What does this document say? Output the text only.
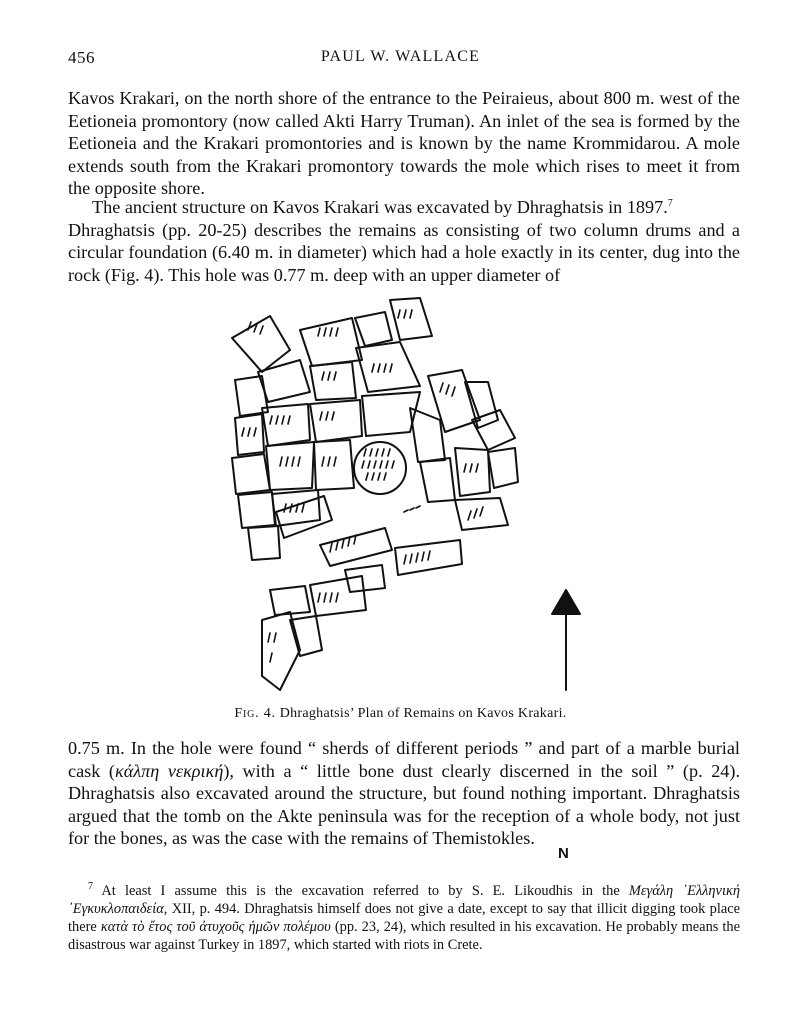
456	PAUL W. WALLACE

Kavos Krakari, on the north shore of the entrance to the Peiraieus, about 800 m. west of the Eetioneia promontory (now called Akti Harry Truman). An inlet of the sea is formed by the Eetioneia and the Krakari promontories and is known by the name Krommidarou. A mole extends south from the Krakari promontory towards the mole which rises to meet it from the opposite shore.

The ancient structure on Kavos Krakari was excavated by Dhraghatsis in 1897.$^7$

Dhraghatsis (pp. 20-25) describes the remains as consisting of two column drums and a circular foundation (6.40 m. in diameter) which had a hole exactly in its center, dug into the rock (Fig. 4). This hole was 0.77 m. deep with an upper diameter of

N
Fig. 4. Dhraghatsis’ Plan of Remains on Kavos Krakari.

0.75 m. In the hole were found “ sherds of different periods ” and part of a marble burial cask (κάλπη νεκρική), with a “ little bone dust clearly discerned in the soil ” (p. 24). Dhraghatsis also excavated around the structure, but found nothing important. Dhraghatsis argued that the tomb on the Akte peninsula was for the reception of a whole body, not just for the bones, as was the case with the remains of Themistokles.

$^7$ At least I assume this is the excavation referred to by S. E. Likoudhis in the Μεγάλη ᾿Ελληνική ᾿Εγκυκλοπαιδεία, XII, p. 494. Dhraghatsis himself does not give a date, except to say that illicit digging took place there κατὰ τὸ ἔτος τοῦ ἀτυχοῦς ἡμῶν πολέμου (pp. 23, 24), which resulted in his excavation. He probably means the disastrous war against Turkey in 1897, which started with riots in Crete.
